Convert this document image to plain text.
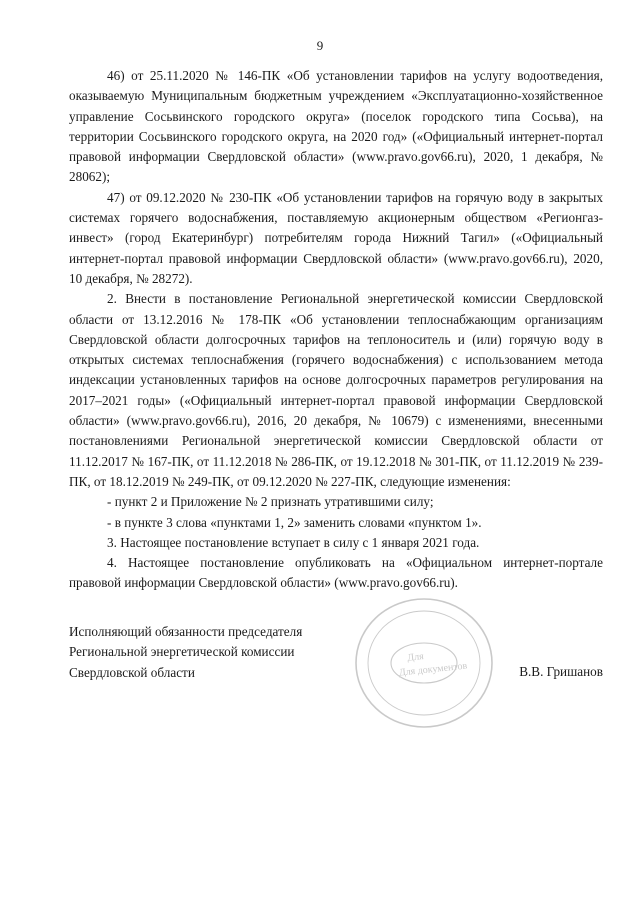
9

46) от 25.11.2020 № 146-ПК «Об установлении тарифов на услугу водоотведения, оказываемую Муниципальным бюджетным учреждением «Эксплуатационно-хозяйственное управление Сосьвинского городского округа» (поселок городского типа Сосьва), на территории Сосьвинского городского округа, на 2020 год» («Официальный интернет-портал правовой информации Свердловской области» (www.pravo.gov66.ru), 2020, 1 декабря, № 28062);

47) от 09.12.2020 № 230-ПК «Об установлении тарифов на горячую воду в закрытых системах горячего водоснабжения, поставляемую акционерным обществом «Регионгаз-инвест» (город Екатеринбург) потребителям города Нижний Тагил» («Официальный интернет-портал правовой информации Свердловской области» (www.pravo.gov66.ru), 2020, 10 декабря, № 28272).

2. Внести в постановление Региональной энергетической комиссии Свердловской области от 13.12.2016 № 178-ПК «Об установлении теплоснабжающим организациям Свердловской области долгосрочных тарифов на теплоноситель и (или) горячую воду в открытых системах теплоснабжения (горячего водоснабжения) с использованием метода индексации установленных тарифов на основе долгосрочных параметров регулирования на 2017–2021 годы» («Официальный интернет-портал правовой информации Свердловской области» (www.pravo.gov66.ru), 2016, 20 декабря, № 10679) с изменениями, внесенными постановлениями Региональной энергетической комиссии Свердловской области от 11.12.2017 № 167-ПК, от 11.12.2018 № 286-ПК, от 19.12.2018 № 301-ПК, от 11.12.2019 № 239-ПК, от 18.12.2019 № 249-ПК, от 09.12.2020 № 227-ПК, следующие изменения:

- пункт 2 и Приложение № 2 признать утратившими силу;

- в пункте 3 слова «пунктами 1, 2» заменить словами «пунктом 1».

3. Настоящее постановление вступает в силу с 1 января 2021 года.

4. Настоящее постановление опубликовать на «Официальном интернет-портале правовой информации Свердловской области» (www.pravo.gov66.ru).

Для
Для документов
Исполняющий обязанности председателя
Региональной энергетической комиссии
Свердловской области	В.В. Гришанов
